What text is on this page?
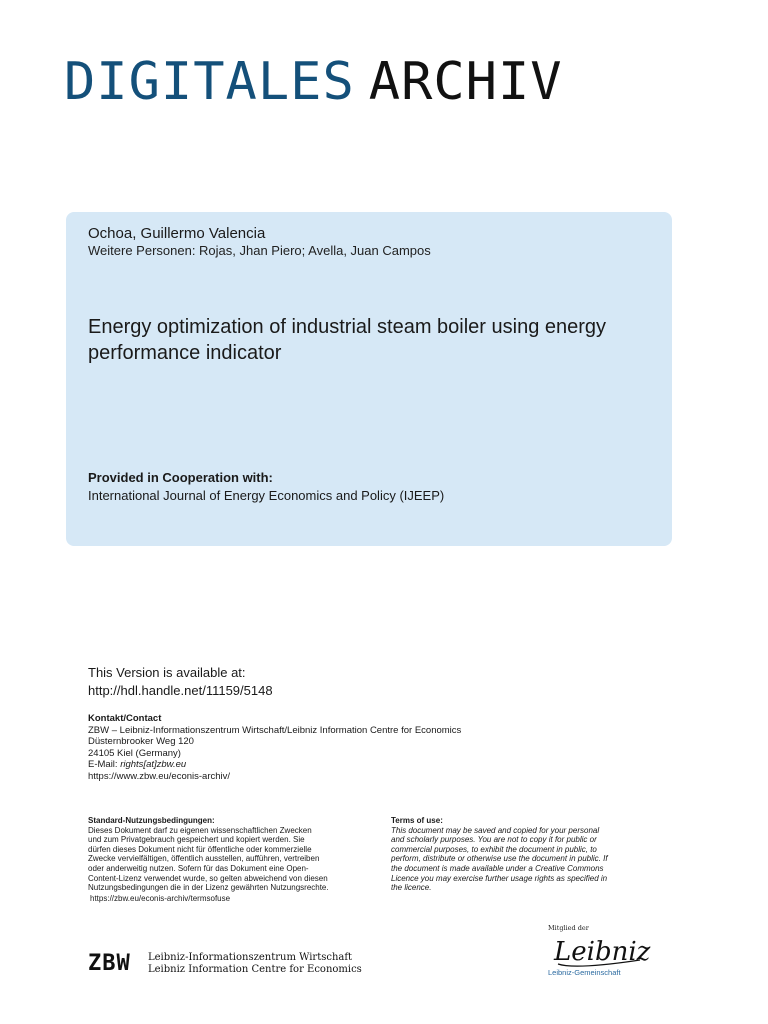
DIGITALES ARCHIV
Ochoa, Guillermo Valencia
Weitere Personen: Rojas, Jhan Piero; Avella, Juan Campos
Energy optimization of industrial steam boiler using energy performance indicator
Provided in Cooperation with:
International Journal of Energy Economics and Policy (IJEEP)
This Version is available at:
http://hdl.handle.net/11159/5148
Kontakt/Contact
ZBW – Leibniz-Informationszentrum Wirtschaft/Leibniz Information Centre for Economics
Düsternbrooker Weg 120
24105 Kiel (Germany)
E-Mail: rights[at]zbw.eu
https://www.zbw.eu/econis-archiv/
Standard-Nutzungsbedingungen:
Dieses Dokument darf zu eigenen wissenschaftlichen Zwecken
und zum Privatgebrauch gespeichert und kopiert werden. Sie
dürfen dieses Dokument nicht für öffentliche oder kommerzielle
Zwecke vervielfältigen, öffentlich ausstellen, aufführen, vertreiben
oder anderweitig nutzen. Sofern für das Dokument eine Open-
Content-Lizenz verwendet wurde, so gelten abweichend von diesen
Nutzungsbedingungen die in der Lizenz gewährten Nutzungsrechte.
https://zbw.eu/econis-archiv/termsofuse
Terms of use:
This document may be saved and copied for your personal
and scholarly purposes. You are not to copy it for public or
commercial purposes, to exhibit the document in public, to
perform, distribute or otherwise use the document in public. If
the document is made available under a Creative Commons
Licence you may exercise further usage rights as specified in
the licence.
ZBW Leibniz-Informationszentrum Wirtschaft
Leibniz Information Centre for Economics
Mitglied der
Leibniz
Leibniz-Gemeinschaft
